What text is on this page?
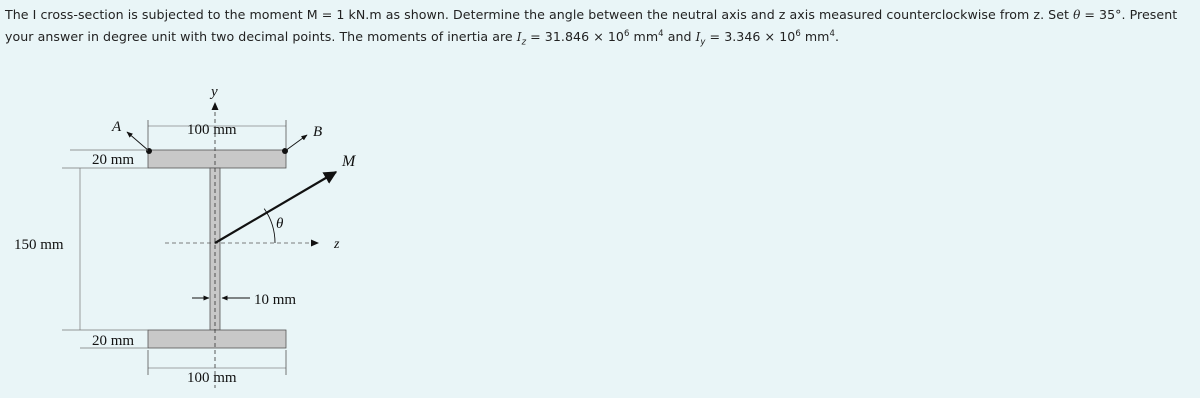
The I cross-section is subjected to the moment M = 1 kN.m as shown. Determine the angle between the neutral axis and z axis measured counterclockwise from z. Set θ = 35°. Present your answer in degree unit with two decimal points. The moments of inertia are $I_z = 31.846 \times 10^6$ $mm^4$ and $I_y = 3.346 \times 10^6$ $mm^4$.
y
z
M
θ
A	B
100 mm
20 mm
150 mm
20 mm
10 mm
100 mm
